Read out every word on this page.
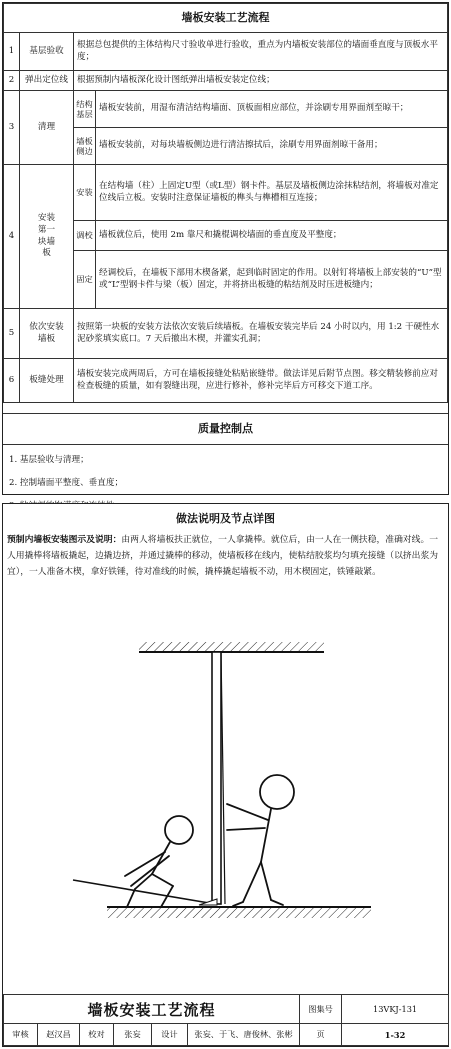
墙板安装工艺流程			
1	基层验收	根据总包提供的主体结构尺寸验收单进行验收，重点为内墙板安装部位的墙面垂直度与顶板水平度；	
2	弹出定位线	根据预制内墙板深化设计图纸弹出墙板安装定位线；	
3	清理	结构基层	墙板安装前，用湿布清洁结构墙面、顶板面相应部位，并涂刷专用界面剂至晾干；
		墙板侧边	墙板安装前，对每块墙板侧边进行清洁擦拭后，涂刷专用界面剂晾干备用；
4	安装第一块墙板	安装	在结构墙（柱）上固定U型（或L型）钢卡件。基层及墙板侧边涂抹粘结剂，将墙板对准定位线后立板。安装时注意保证墙板的榫头与榫槽相互连接；
		调校	墙板就位后，使用 2m 靠尺和撬棍调校墙面的垂直度及平整度；
		固定	经调校后，在墙板下部用木楔备紧，起到临时固定的作用。以射钉将墙板上部安装的“U”型或“L”型钢卡件与梁（板）固定，并将挤出板缝的粘结剂及时压进板缝内；
5	依次安装墙板	按照第一块板的安装方法依次安装后续墙板。在墙板安装完毕后 24 小时以内，用 1:2 干硬性水泥砂浆填实底口。7 天后撤出木楔，并灌实孔洞；	
6	板缝处理	墙板安装完成两周后，方可在墙板接缝处粘贴嵌缝带。做法详见后附节点图。移交精装修前应对检查板缝的质量，如有裂缝出现，应进行修补，修补完毕后方可移交下道工序。	
质量控制点
1. 基层验收与清理；
2. 控制墙面平整度、垂直度；
做法说明及节点详图
预制内墙板安装图示及说明：由两人将墙板扶正就位，一人拿撬棒。就位后，由一人在一侧扶稳，准确对线。一人用撬棒将墙板撬起，边撬边挤，并通过撬棒的移动，使墙板移在线内，使粘结胶浆均匀填充接缝（以挤出浆为宜），一人准备木楔，拿好铁锤，待对准线的时候，撬棒撬起墙板不动，用木楔固定，铁锤敲紧。
墙板安装工艺流程						图集号	13VKJ-131
审核	赵汉昌	校对	张妄	设计	张妄、于飞、唐俊林、张彬	页	1-32
